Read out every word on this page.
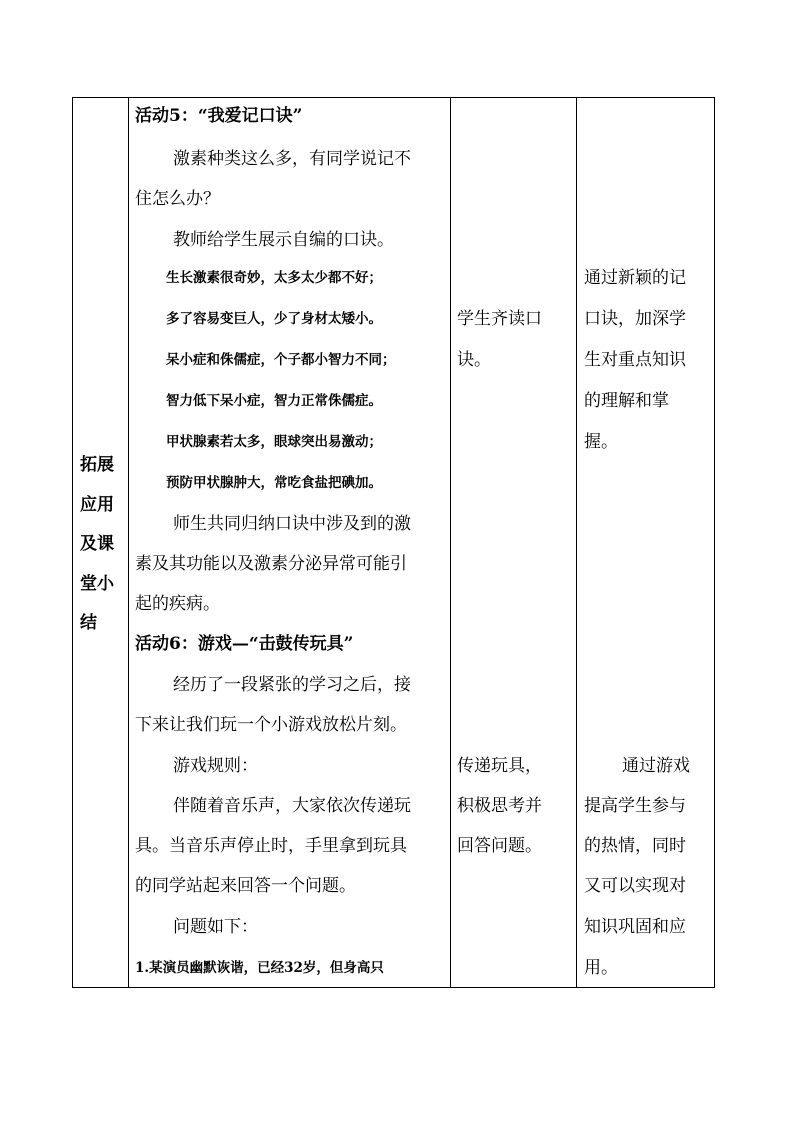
拓展
应用
及课
堂小
结
活动5：“我爱记口诀”
激素种类这么多，有同学说记不
住怎么办？
教师给学生展示自编的口诀。
生长激素很奇妙，太多太少都不好；
多了容易变巨人，少了身材太矮小。
呆小症和侏儒症，个子都小智力不同；
智力低下呆小症，智力正常侏儒症。
甲状腺素若太多，眼球突出易激动；
预防甲状腺肿大，常吃食盐把碘加。
师生共同归纳口诀中涉及到的激
素及其功能以及激素分泌异常可能引
起的疾病。
活动6：游戏—“击鼓传玩具”
经历了一段紧张的学习之后，接
下来让我们玩一个小游戏放松片刻。
游戏规则：
伴随着音乐声，大家依次传递玩
具。当音乐声停止时，手里拿到玩具
的同学站起来回答一个问题。
问题如下：
1.某演员幽默诙谐，已经32岁，但身高只
学生齐读口
诀。
传递玩具，
积极思考并
回答问题。
通过新颖的记
口诀，加深学
生对重点知识
的理解和掌
握。
通过游戏
提高学生参与
的热情，同时
又可以实现对
知识巩固和应
用。
